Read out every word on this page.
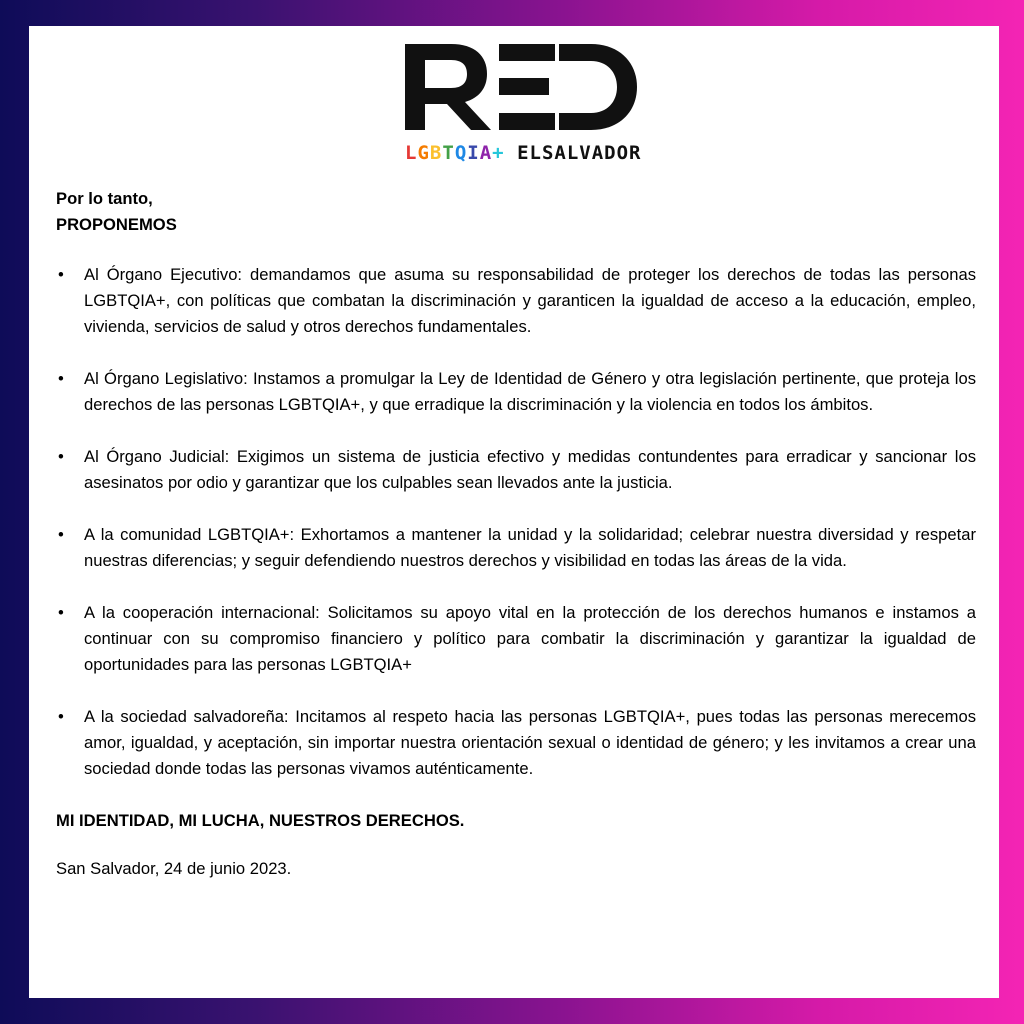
LGBTQIA+ ELSALVADOR
Por lo tanto,
PROPONEMOS
• Al Órgano Ejecutivo: demandamos que asuma su responsabilidad de proteger los derechos de todas las personas LGBTQIA+, con políticas que combatan la discriminación y garanticen la igualdad de acceso a la educación, empleo, vivienda, servicios de salud y otros derechos fundamentales.
• Al Órgano Legislativo: Instamos a promulgar la Ley de Identidad de Género y otra legislación pertinente, que proteja los derechos de las personas LGBTQIA+, y que erradique la discriminación y la violencia en todos los ámbitos.
• Al Órgano Judicial: Exigimos un sistema de justicia efectivo y medidas contundentes para erradicar y sancionar los asesinatos por odio y garantizar que los culpables sean llevados ante la justicia.
• A la comunidad LGBTQIA+: Exhortamos a mantener la unidad y la solidaridad; celebrar nuestra diversidad y respetar nuestras diferencias; y seguir defendiendo nuestros derechos y visibilidad en todas las áreas de la vida.
• A la cooperación internacional: Solicitamos su apoyo vital en la protección de los derechos humanos e instamos a continuar con su compromiso financiero y político para combatir la discriminación y garantizar la igualdad de oportunidades para las personas LGBTQIA+
• A la sociedad salvadoreña: Incitamos al respeto hacia las personas LGBTQIA+, pues todas las personas merecemos amor, igualdad, y aceptación, sin importar nuestra orientación sexual o identidad de género; y les invitamos a crear una sociedad donde todas las personas vivamos auténticamente.

MI IDENTIDAD, MI LUCHA, NUESTROS DERECHOS.

San Salvador, 24 de junio 2023.
